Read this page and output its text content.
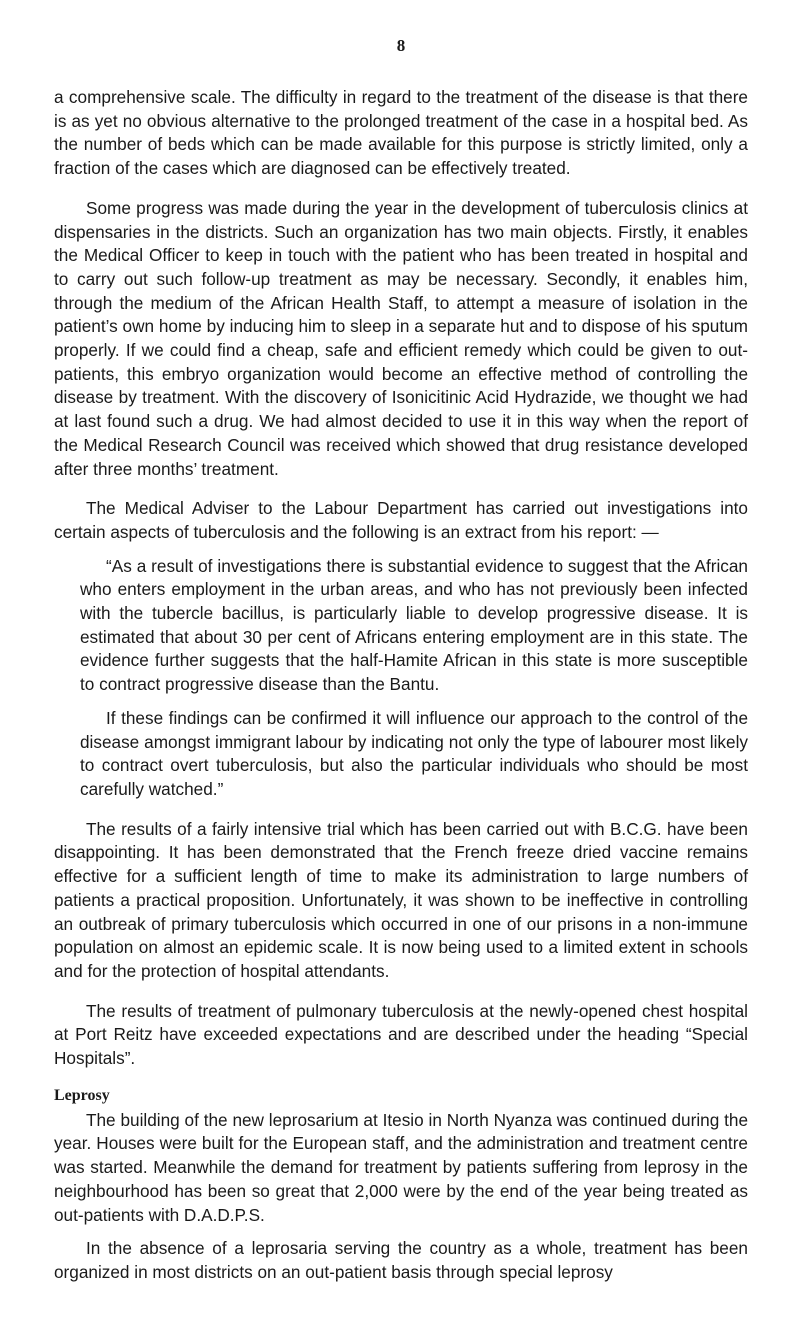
8

a comprehensive scale. The difficulty in regard to the treatment of the disease is that there is as yet no obvious alternative to the prolonged treatment of the case in a hospital bed. As the number of beds which can be made available for this purpose is strictly limited, only a fraction of the cases which are diagnosed can be effectively treated.

Some progress was made during the year in the development of tuberculosis clinics at dispensaries in the districts. Such an organization has two main objects. Firstly, it enables the Medical Officer to keep in touch with the patient who has been treated in hospital and to carry out such follow-up treatment as may be necessary. Secondly, it enables him, through the medium of the African Health Staff, to attempt a measure of isolation in the patient’s own home by inducing him to sleep in a separate hut and to dispose of his sputum properly. If we could find a cheap, safe and efficient remedy which could be given to out-patients, this embryo organization would become an effective method of controlling the disease by treatment. With the discovery of Isonicitinic Acid Hydrazide, we thought we had at last found such a drug. We had almost decided to use it in this way when the report of the Medical Research Council was received which showed that drug resistance developed after three months’ treatment.

The Medical Adviser to the Labour Department has carried out investigations into certain aspects of tuberculosis and the following is an extract from his report: —

“As a result of investigations there is substantial evidence to suggest that the African who enters employment in the urban areas, and who has not previously been infected with the tubercle bacillus, is particularly liable to develop progressive disease. It is estimated that about 30 per cent of Africans entering employment are in this state. The evidence further suggests that the half-Hamite African in this state is more susceptible to contract progressive disease than the Bantu.

If these findings can be confirmed it will influence our approach to the control of the disease amongst immigrant labour by indicating not only the type of labourer most likely to contract overt tuberculosis, but also the particular individuals who should be most carefully watched.”

The results of a fairly intensive trial which has been carried out with B.C.G. have been disappointing. It has been demonstrated that the French freeze dried vaccine remains effective for a sufficient length of time to make its administration to large numbers of patients a practical proposition. Unfortunately, it was shown to be ineffective in controlling an outbreak of primary tuberculosis which occurred in one of our prisons in a non-immune population on almost an epidemic scale. It is now being used to a limited extent in schools and for the protection of hospital attendants.

The results of treatment of pulmonary tuberculosis at the newly-opened chest hospital at Port Reitz have exceeded expectations and are described under the heading “Special Hospitals”.

Leprosy

The building of the new leprosarium at Itesio in North Nyanza was continued during the year. Houses were built for the European staff, and the administration and treatment centre was started. Meanwhile the demand for treatment by patients suffering from leprosy in the neighbourhood has been so great that 2,000 were by the end of the year being treated as out-patients with D.A.D.P.S.

In the absence of a leprosaria serving the country as a whole, treatment has been organized in most districts on an out-patient basis through special leprosy
